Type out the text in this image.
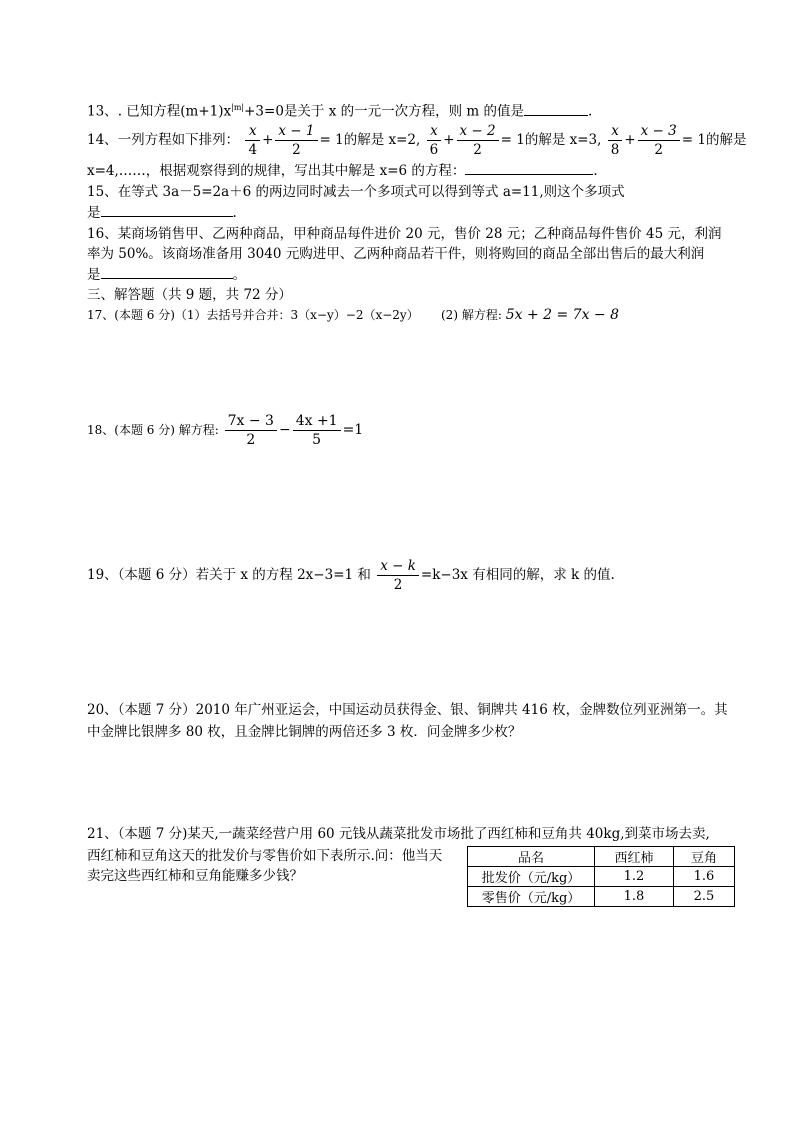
13、. 已知方程$(m+1)x^{|m|}+3=0$是关于 x 的一元一次方程，则 m 的值是	.
14、一列方程如下排列： $\frac{x}{4} + \frac{x - 1}{2} = 1$的解是 x=2, $\frac{x}{6} + \frac{x - 2}{2} = 1$的解是 x=3, $\frac{x}{8} + \frac{x - 3}{2} = 1$的解是
x=4,……，根据观察得到的规律，写出其中解是 x=6 的方程：	.
15、在等式 3a－5=2a＋6 的两边同时减去一个多项式可以得到等式 a=11,则这个多项式
是	.
16、某商场销售甲、乙两种商品，甲种商品每件进价 20 元，售价 28 元；乙种商品每件售价 45 元，利润
率为 50%。该商场准备用 3040 元购进甲、乙两种商品若干件，则将购回的商品全部出售后的最大利润
是	。
三、解答题（共 9 题，共 72 分）
17、(本题 6 分)（1）去括号并合并：3（x−y）−2（x−2y） (2) 解方程: 5x + 2 = 7x − 8
18、(本题 6 分) 解方程: $\frac{7x - 3}{2} - \frac{4x +1}{5} =1$
19、（本题 6 分）若关于 x 的方程 2x−3=1 和 $\frac{x - k}{2} =k-3x$ 有相同的解，求 k 的值.
20、（本题 7 分）2010 年广州亚运会，中国运动员获得金、银、铜牌共 416 枚，金牌数位列亚洲第一。其
中金牌比银牌多 80 枚，且金牌比铜牌的两倍还多 3 枚．问金牌多少枚？
21、（本题 7 分)某天,一蔬菜经营户用 60 元钱从蔬菜批发市场批了西红柿和豆角共 40kg,到菜市场去卖,
西红柿和豆角这天的批发价与零售价如下表所示.问：他当天
卖完这些西红柿和豆角能赚多少钱？
品名	西红柿	豆角
批发价（元/kg）	1.2	1.6
零售价（元/kg）	1.8	2.5
